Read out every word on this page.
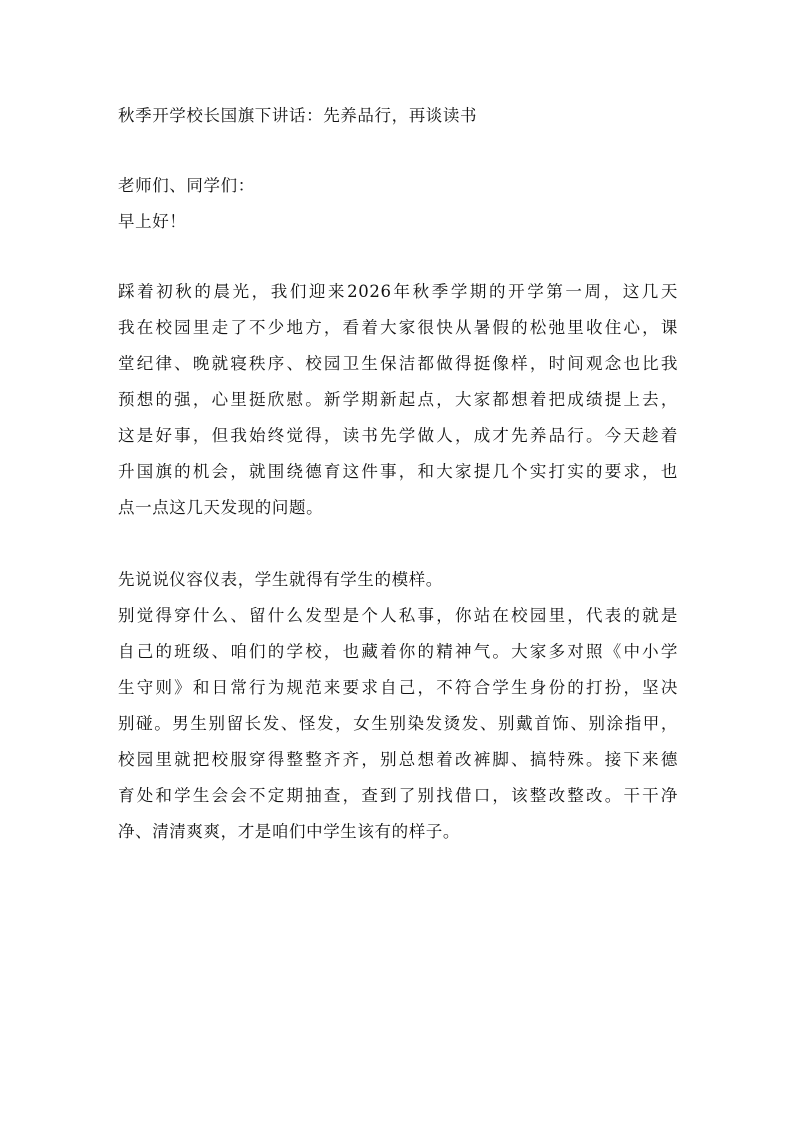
秋季开学校长国旗下讲话：先养品行，再谈读书

老师们、同学们：

早上好！

踩着初秋的晨光，我们迎来2026年秋季学期的开学第一周，这几天

我在校园里走了不少地方，看着大家很快从暑假的松弛里收住心，课

堂纪律、晚就寝秩序、校园卫生保洁都做得挺像样，时间观念也比我

预想的强，心里挺欣慰。新学期新起点，大家都想着把成绩提上去，

这是好事，但我始终觉得，读书先学做人，成才先养品行。今天趁着

升国旗的机会，就围绕德育这件事，和大家提几个实打实的要求，也

点一点这几天发现的问题。

先说说仪容仪表，学生就得有学生的模样。

别觉得穿什么、留什么发型是个人私事，你站在校园里，代表的就是

自己的班级、咱们的学校，也藏着你的精神气。大家多对照《中小学

生守则》和日常行为规范来要求自己，不符合学生身份的打扮，坚决

别碰。男生别留长发、怪发，女生别染发烫发、别戴首饰、别涂指甲，

校园里就把校服穿得整整齐齐，别总想着改裤脚、搞特殊。接下来德

育处和学生会会不定期抽查，查到了别找借口，该整改整改。干干净

净、清清爽爽，才是咱们中学生该有的样子。
